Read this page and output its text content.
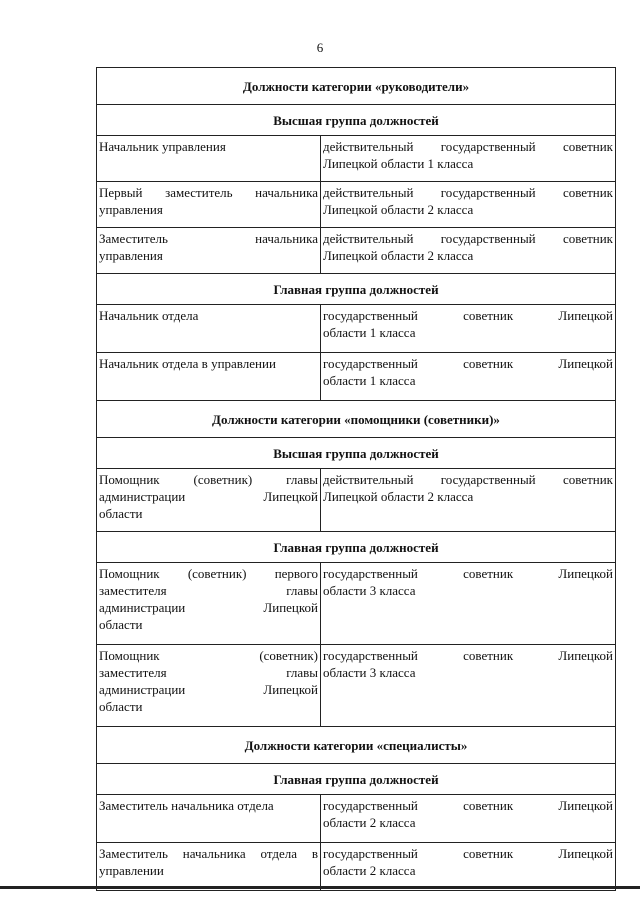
6
Должности категории «руководители»	
Высшая группа должностей	

Начальник управления	действительный государственный советник
Липецкой области 1 класса

Первый заместитель начальника
управления	действительный государственный советник
Липецкой области 2 класса

Заместитель начальника
управления	действительный государственный советник
Липецкой области 2 класса

Главная группа должностей	

Начальник отдела	государственный советник Липецкой
области 1 класса

Начальник отдела в управлении	государственный советник Липецкой
области 1 класса

Должности категории «помощники (советники)»	
Высшая группа должностей	

Помощник (советник) главы
администрации Липецкой
области	действительный государственный советник
Липецкой области 2 класса

Главная группа должностей	

Помощник (советник) первого
заместителя главы
администрации Липецкой
области	государственный советник Липецкой
области 3 класса

Помощник (советник)
заместителя главы
администрации Липецкой
области	государственный советник Липецкой
области 3 класса

Должности категории «специалисты»	
Главная группа должностей	

Заместитель начальника отдела	государственный советник Липецкой
области 2 класса

Заместитель начальника отдела в
управлении	государственный советник Липецкой
области 2 класса
